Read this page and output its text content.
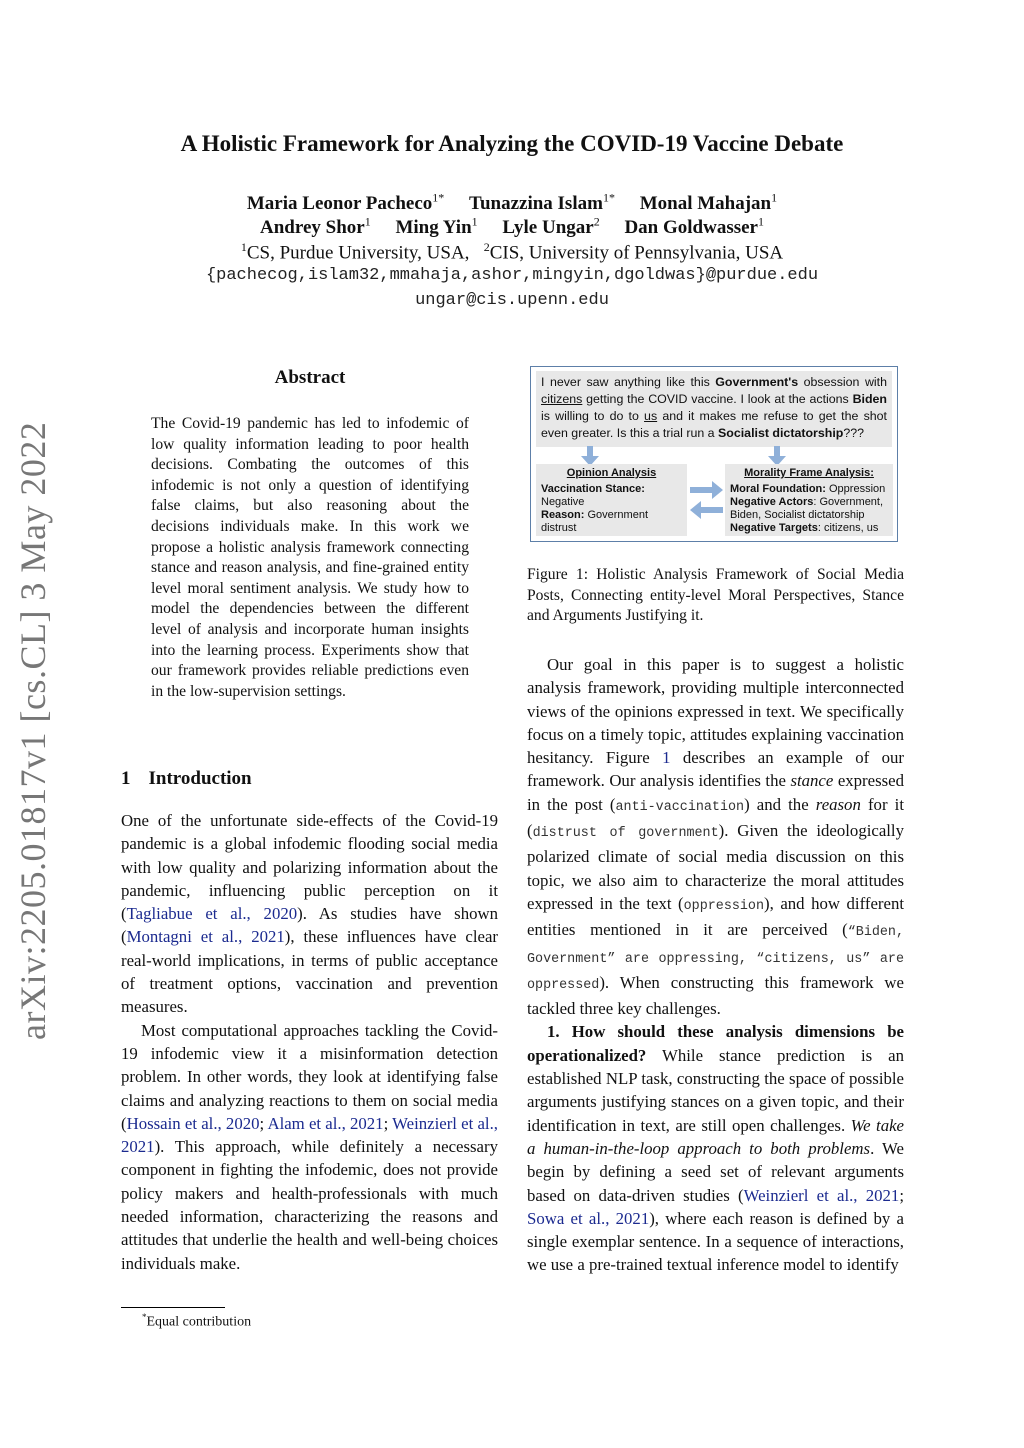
arXiv:2205.01817v1 [cs.CL] 3 May 2022
A Holistic Framework for Analyzing the COVID-19 Vaccine Debate
Maria Leonor Pacheco$^{1*}$ Tunazzina Islam$^{1*}$ Monal Mahajan$^1$
Andrey Shor$^1$ Ming Yin$^1$ Lyle Ungar$^2$ Dan Goldwasser$^1$
$^1$CS, Purdue University, USA, $^2$CIS, University of Pennsylvania, USA
{pachecog,islam32,mmahaja,ashor,mingyin,dgoldwas}@purdue.edu
ungar@cis.upenn.edu
Abstract
The Covid-19 pandemic has led to infodemic of low quality information leading to poor health decisions. Combating the outcomes of this infodemic is not only a question of identifying false claims, but also reasoning about the decisions individuals make. In this work we propose a holistic analysis framework connecting stance and reason analysis, and fine-grained entity level moral sentiment analysis. We study how to model the dependencies between the different level of analysis and incorporate human insights into the learning process. Experiments show that our framework provides reliable predictions even in the low-supervision settings.
1 Introduction

One of the unfortunate side-effects of the Covid-19 pandemic is a global infodemic flooding social media with low quality and polarizing information about the pandemic, influencing public perception on it (Tagliabue et al., 2020). As studies have shown (Montagni et al., 2021), these influences have clear real-world implications, in terms of public acceptance of treatment options, vaccination and prevention measures.

Most computational approaches tackling the Covid-19 infodemic view it a misinformation detection problem. In other words, they look at identifying false claims and analyzing reactions to them on social media (Hossain et al., 2020; Alam et al., 2021; Weinzierl et al., 2021). This approach, while definitely a necessary component in fighting the infodemic, does not provide policy makers and health-professionals with much needed information, characterizing the reasons and attitudes that underlie the health and well-being choices individuals make.

*Equal contribution
I never saw anything like this Government's obsession with citizens getting the COVID vaccine. I look at the actions Biden is willing to do to us and it makes me refuse to get the shot even greater. Is this a trial run a Socialist dictatorship???
Opinion Analysis
Vaccination Stance:
Negative
Reason: Government distrust
Morality Frame Analysis:
Moral Foundation: Oppression
Negative Actors: Government, Biden, Socialist dictatorship
Negative Targets: citizens, us
Figure 1: Holistic Analysis Framework of Social Media Posts, Connecting entity-level Moral Perspectives, Stance and Arguments Justifying it.

Our goal in this paper is to suggest a holistic analysis framework, providing multiple interconnected views of the opinions expressed in text. We specifically focus on a timely topic, attitudes explaining vaccination hesitancy. Figure 1 describes an example of our framework. Our analysis identifies the stance expressed in the post (anti-vaccination) and the reason for it (distrust of government). Given the ideologically polarized climate of social media discussion on this topic, we also aim to characterize the moral attitudes expressed in the text (oppression), and how different entities mentioned in it are perceived (“Biden, Government” are oppressing, “citizens, us” are oppressed). When constructing this framework we tackled three key challenges.

1. How should these analysis dimensions be operationalized? While stance prediction is an established NLP task, constructing the space of possible arguments justifying stances on a given topic, and their identification in text, are still open challenges. We take a human-in-the-loop approach to both problems. We begin by defining a seed set of relevant arguments based on data-driven studies (Weinzierl et al., 2021; Sowa et al., 2021), where each reason is defined by a single exemplar sentence. In a sequence of interactions, we use a pre-trained textual inference model to identify
